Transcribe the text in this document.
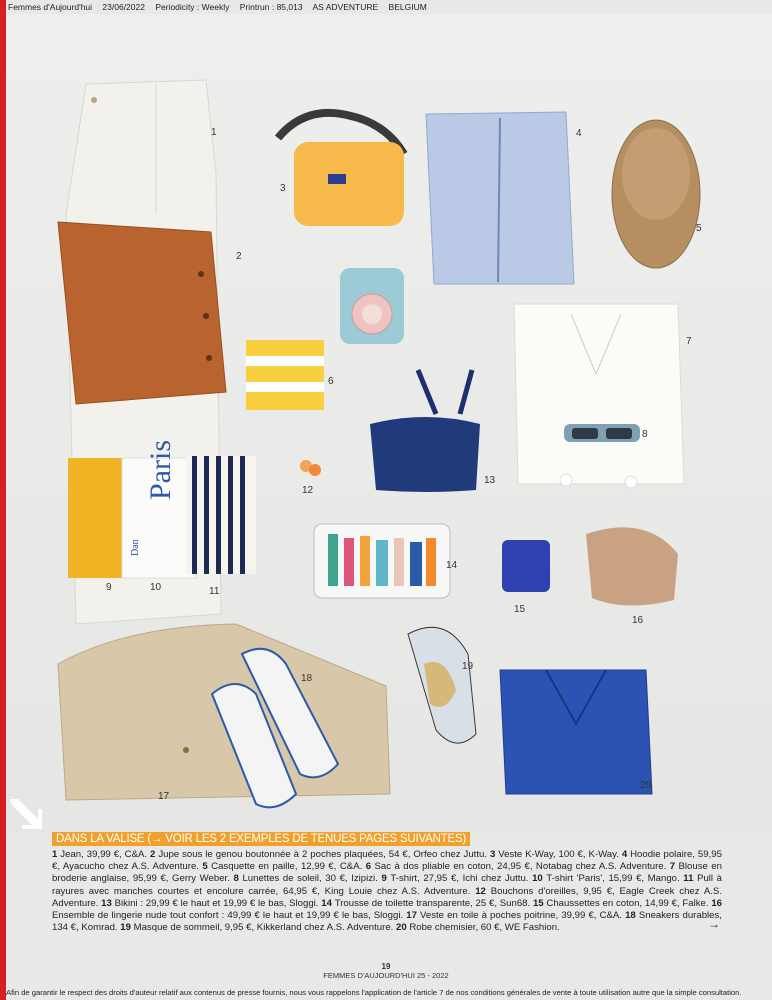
Femmes d'Aujourd'hui 23/06/2022 Periodicity : Weekly Printrun : 85,013 AS ADVENTURE BELGIUM
Paris
Dan
1
2
3
4
5
6
7
8
9	10	11
12
13
14
15
16
17
18
19
20
DANS LA VALISE (→ VOIR LES 2 EXEMPLES DE TENUES PAGES SUIVANTES)
1 Jean, 39,99 €, C&A. 2 Jupe sous le genou boutonnée à 2 poches plaquées, 54 €, Orfeo chez Juttu. 3 Veste K-Way, 100 €, K-Way. 4 Hoodie polaire, 59,95 €, Ayacucho chez A.S. Adventure. 5 Casquette en paille, 12,99 €, C&A. 6 Sac à dos pliable en coton, 24,95 €, Notabag chez A.S. Adventure. 7 Blouse en broderie anglaise, 95,99 €, Gerry Weber. 8 Lunettes de soleil, 30 €, Izipizi. 9 T-shirt, 27,95 €, Ichi chez Juttu. 10 T-shirt 'Paris', 15,99 €, Mango. 11 Pull à rayures avec manches courtes et encolure carrée, 64,95 €, King Louie chez A.S. Adventure. 12 Bouchons d'oreilles, 9,95 €, Eagle Creek chez A.S. Adventure. 13 Bikini : 29,99 € le haut et 19,99 € le bas, Sloggi. 14 Trousse de toilette transparente, 25 €, Sun68. 15 Chaussettes en coton, 14,99 €, Falke. 16 Ensemble de lingerie nude tout confort : 49,99 € le haut et 19,99 € le bas, Sloggi. 17 Veste en toile à poches poitrine, 39,99 €, C&A. 18 Sneakers durables, 134 €, Komrad. 19 Masque de sommeil, 9,95 €, Kikkerland chez A.S. Adventure. 20 Robe chemisier, 60 €, WE Fashion.	→
19
FEMMES D'AUJOURD'HUI 25 - 2022
Afin de garantir le respect des droits d'auteur relatif aux contenus de presse fournis, nous vous rappelons l'application de l'article 7 de nos conditions générales de vente à toute utilisation autre que la simple consultation.
